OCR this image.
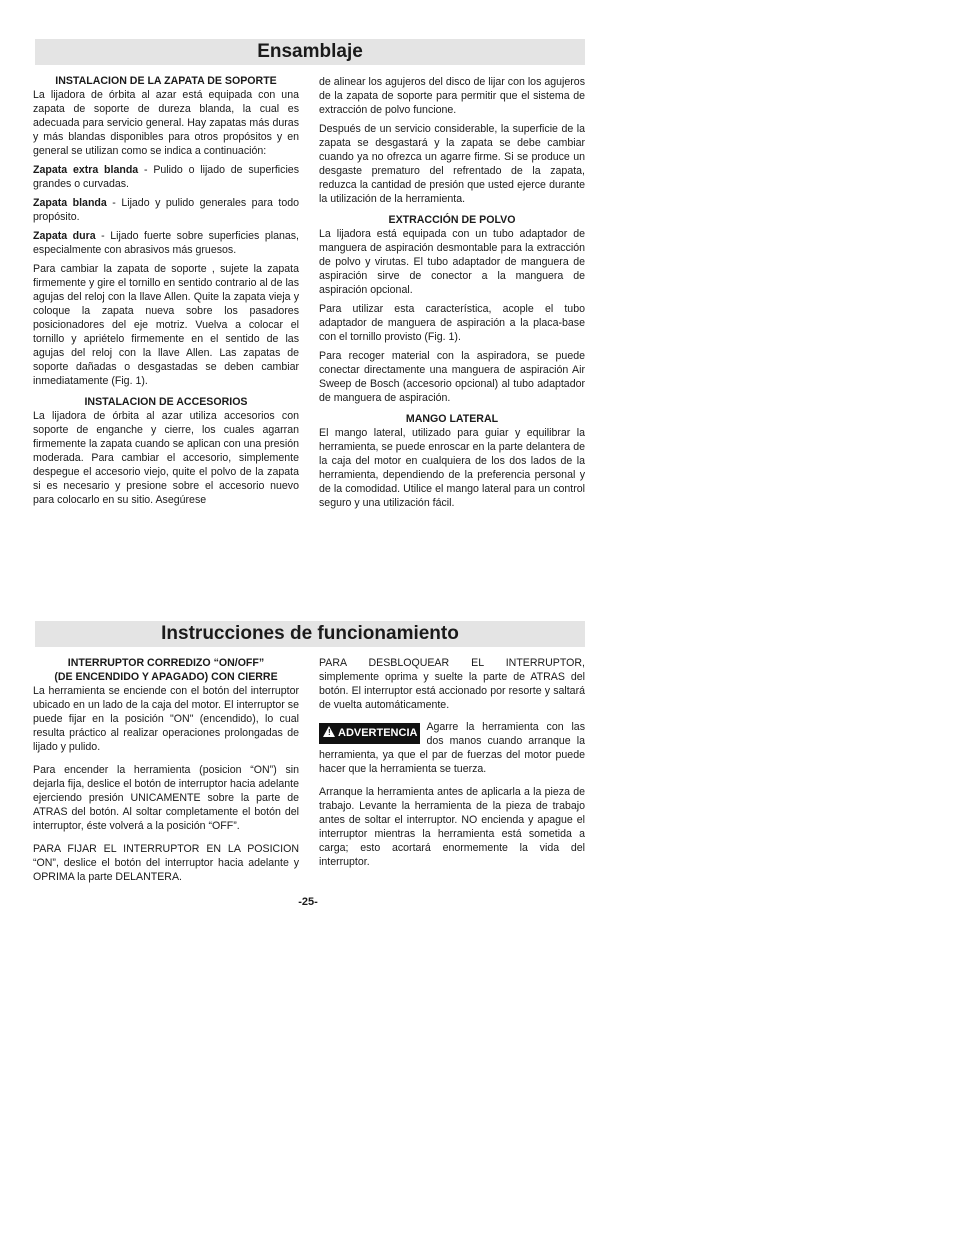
Ensamblaje
INSTALACION DE LA ZAPATA DE SOPORTE

La lijadora de órbita al azar está equipada con una zapata de soporte de dureza blanda, la cual es adecuada para servicio general. Hay zapatas más duras y más blandas disponibles para otros propósitos y en general se utilizan como se indica a continuación:

Zapata extra blanda - Pulido o lijado de superficies grandes o curvadas.

Zapata blanda - Lijado y pulido generales para todo propósito.

Zapata dura - Lijado fuerte sobre superficies planas, especialmente con abrasivos más gruesos.

Para cambiar la zapata de soporte , sujete la zapata firmemente y gire el tornillo en sentido contrario al de las agujas del reloj con la llave Allen. Quite la zapata vieja y coloque la zapata nueva sobre los pasadores posicionadores del eje motriz. Vuelva a colocar el tornillo y apriételo firmemente en el sentido de las agujas del reloj con la llave Allen. Las zapatas de soporte dañadas o desgastadas se deben cambiar inmediatamente (Fig. 1).

INSTALACION DE ACCESORIOS

La lijadora de órbita al azar utiliza accesorios con soporte de enganche y cierre, los cuales agarran firmemente la zapata cuando se aplican con una presión moderada. Para cambiar el accesorio, simplemente despegue el accesorio viejo, quite el polvo de la zapata si es necesario y presione sobre el accesorio nuevo para colocarlo en su sitio. Asegúrese

de alinear los agujeros del disco de lijar con los agujeros de la zapata de soporte para permitir que el sistema de extracción de polvo funcione.

Después de un servicio considerable, la superficie de la zapata se desgastará y la zapata se debe cambiar cuando ya no ofrezca un agarre firme. Si se produce un desgaste prematuro del refrentado de la zapata, reduzca la cantidad de presión que usted ejerce durante la utilización de la herramienta.

EXTRACCIÓN DE POLVO

La lijadora está equipada con un tubo adaptador de manguera de aspiración desmontable para la extracción de polvo y virutas. El tubo adaptador de manguera de aspiración sirve de conector a la manguera de aspiración opcional.

Para utilizar esta característica, acople el tubo adaptador de manguera de aspiración a la placa-base con el tornillo provisto (Fig. 1).

Para recoger material con la aspiradora, se puede conectar directamente una manguera de aspiración Air Sweep de Bosch (accesorio opcional) al tubo adaptador de manguera de aspiración.

MANGO LATERAL

El mango lateral, utilizado para guiar y equilibrar la herramienta, se puede enroscar en la parte delantera de la caja del motor en cualquiera de los dos lados de la herramienta, dependiendo de la preferencia personal y de la comodidad. Utilice el mango lateral para un control seguro y una utilización fácil.

Instrucciones de funcionamiento
INTERRUPTOR CORREDIZO “ON/OFF”
(DE ENCENDIDO Y APAGADO) CON CIERRE

La herramienta se enciende con el botón del interruptor ubicado en un lado de la caja del motor. El interruptor se puede fijar en la posición "ON" (encendido), lo cual resulta práctico al realizar operaciones prolongadas de lijado y pulido.

Para encender la herramienta (posicion “ON”) sin dejarla fija, deslice el botón de interruptor hacia adelante ejerciendo presión UNICAMENTE sobre la parte de ATRAS del botón. Al soltar completamente el botón del interruptor, éste volverá a la posición “OFF”.

PARA FIJAR EL INTERRUPTOR EN LA POSICION “ON”, deslice el botón del interruptor hacia adelante y OPRIMA la parte DELANTERA.

PARA DESBLOQUEAR EL INTERRUPTOR, simplemente oprima y suelte la parte de ATRAS del botón. El interruptor está accionado por resorte y saltará de vuelta automáticamente.

! ADVERTENCIA Agarre la herramienta con las dos manos cuando arranque la herramienta, ya que el par de fuerzas del motor puede hacer que la herramienta se tuerza.

Arranque la herramienta antes de aplicarla a la pieza de trabajo. Levante la herramienta de la pieza de trabajo antes de soltar el interruptor. NO encienda y apague el interruptor mientras la herramienta está sometida a carga; esto acortará enormemente la vida del interruptor.

-25-
